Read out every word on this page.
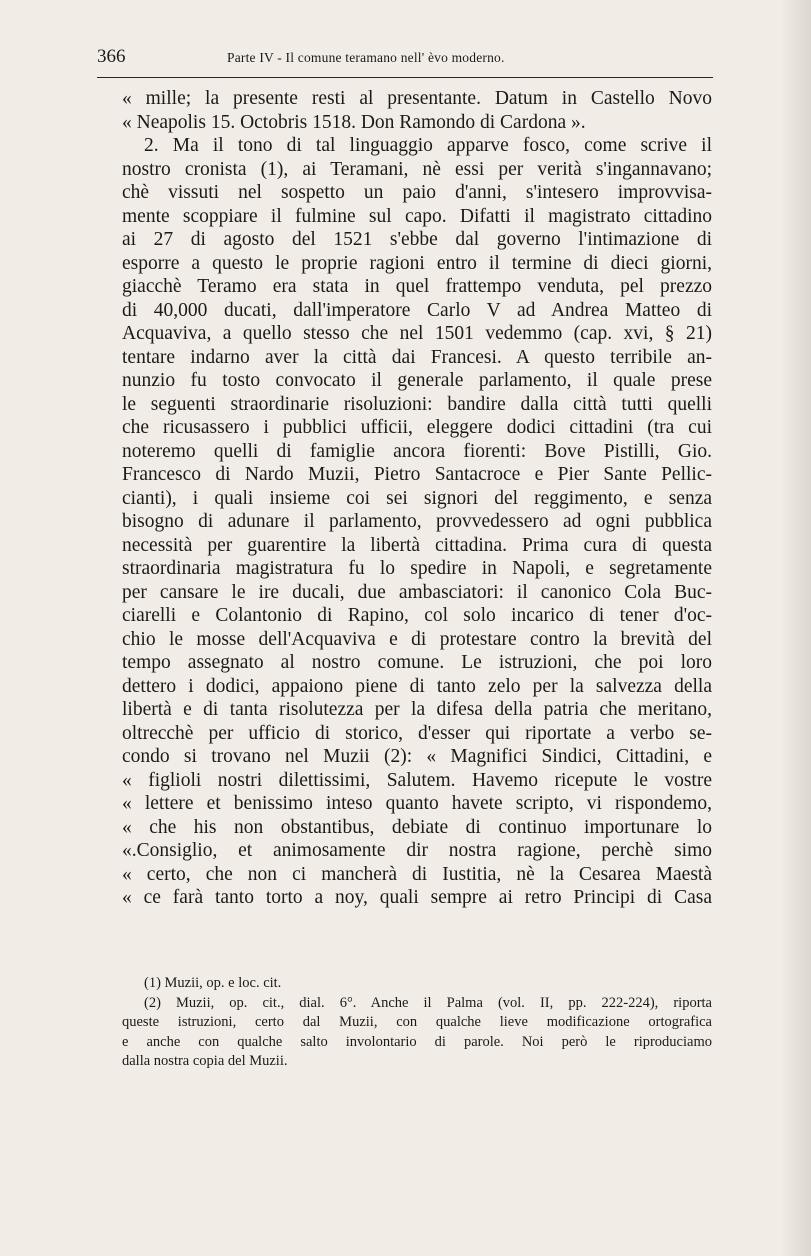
366	Parte IV - Il comune teramano nell' èvo moderno.
« mille; la presente resti al presentante. Datum in Castello Novo
« Neapolis 15. Octobris 1518. Don Ramondo di Cardona ».
2. Ma il tono di tal linguaggio apparve fosco, come scrive il
nostro cronista (1), ai Teramani, nè essi per verità s'ingannavano;
chè vissuti nel sospetto un paio d'anni, s'intesero improvvisa-
mente scoppiare il fulmine sul capo. Difatti il magistrato cittadino
ai 27 di agosto del 1521 s'ebbe dal governo l'intimazione di
esporre a questo le proprie ragioni entro il termine di dieci giorni,
giacchè Teramo era stata in quel frattempo venduta, pel prezzo
di 40,000 ducati, dall'imperatore Carlo V ad Andrea Matteo di
Acquaviva, a quello stesso che nel 1501 vedemmo (cap. xvi, § 21)
tentare indarno aver la città dai Francesi. A questo terribile an-
nunzio fu tosto convocato il generale parlamento, il quale prese
le seguenti straordinarie risoluzioni: bandire dalla città tutti quelli
che ricusassero i pubblici ufficii, eleggere dodici cittadini (tra cui
noteremo quelli di famiglie ancora fiorenti: Bove Pistilli, Gio.
Francesco di Nardo Muzii, Pietro Santacroce e Pier Sante Pellic-
cianti), i quali insieme coi sei signori del reggimento, e senza
bisogno di adunare il parlamento, provvedessero ad ogni pubblica
necessità per guarentire la libertà cittadina. Prima cura di questa
straordinaria magistratura fu lo spedire in Napoli, e segretamente
per cansare le ire ducali, due ambasciatori: il canonico Cola Buc-
ciarelli e Colantonio di Rapino, col solo incarico di tener d'oc-
chio le mosse dell'Acquaviva e di protestare contro la brevità del
tempo assegnato al nostro comune. Le istruzioni, che poi loro
dettero i dodici, appaiono piene di tanto zelo per la salvezza della
libertà e di tanta risolutezza per la difesa della patria che meritano,
oltrecchè per ufficio di storico, d'esser qui riportate a verbo se-
condo si trovano nel Muzii (2): « Magnifici Sindici, Cittadini, e
« figlioli nostri dilettissimi, Salutem. Havemo ricepute le vostre
« lettere et benissimo inteso quanto havete scripto, vi rispondemo,
« che his non obstantibus, debiate di continuo importunare lo
«.Consiglio, et animosamente dir nostra ragione, perchè simo
« certo, che non ci mancherà di Iustitia, nè la Cesarea Maestà
« ce farà tanto torto a noy, quali sempre ai retro Principi di Casa
(1) Muzii, op. e loc. cit.
(2) Muzii, op. cit., dial. 6°. Anche il Palma (vol. II, pp. 222-224), riporta
queste istruzioni, certo dal Muzii, con qualche lieve modificazione ortografica
e anche con qualche salto involontario di parole. Noi però le riproduciamo
dalla nostra copia del Muzii.
